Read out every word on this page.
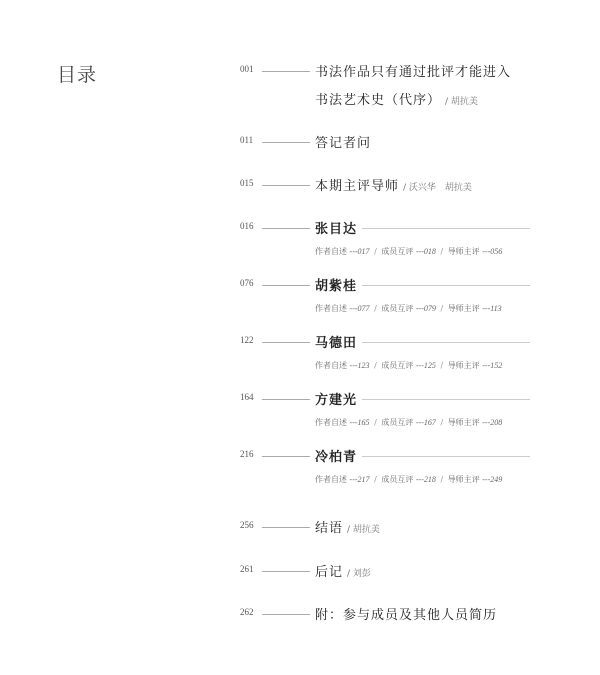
目录	001	书法作品只有通过批评才能进入
书法艺术史（代序） / 胡抗美
011	答记者问
015	本期主评导师 / 沃兴华　胡抗美
016	张目达
作者自述 ---017 / 成员互评 ---018 / 导师主评 ---056
076	胡紫桂
作者自述 ---077 / 成员互评 ---079 / 导师主评 ---113
122	马德田
作者自述 ---123 / 成员互评 ---125 / 导师主评 ---152
164	方建光
作者自述 ---165 / 成员互评 ---167 / 导师主评 ---208
216	冷柏青
作者自述 ---217 / 成员互评 ---218 / 导师主评 ---249
256	结语 / 胡抗美
261	后记 / 刘彭
262	附：参与成员及其他人员简历
